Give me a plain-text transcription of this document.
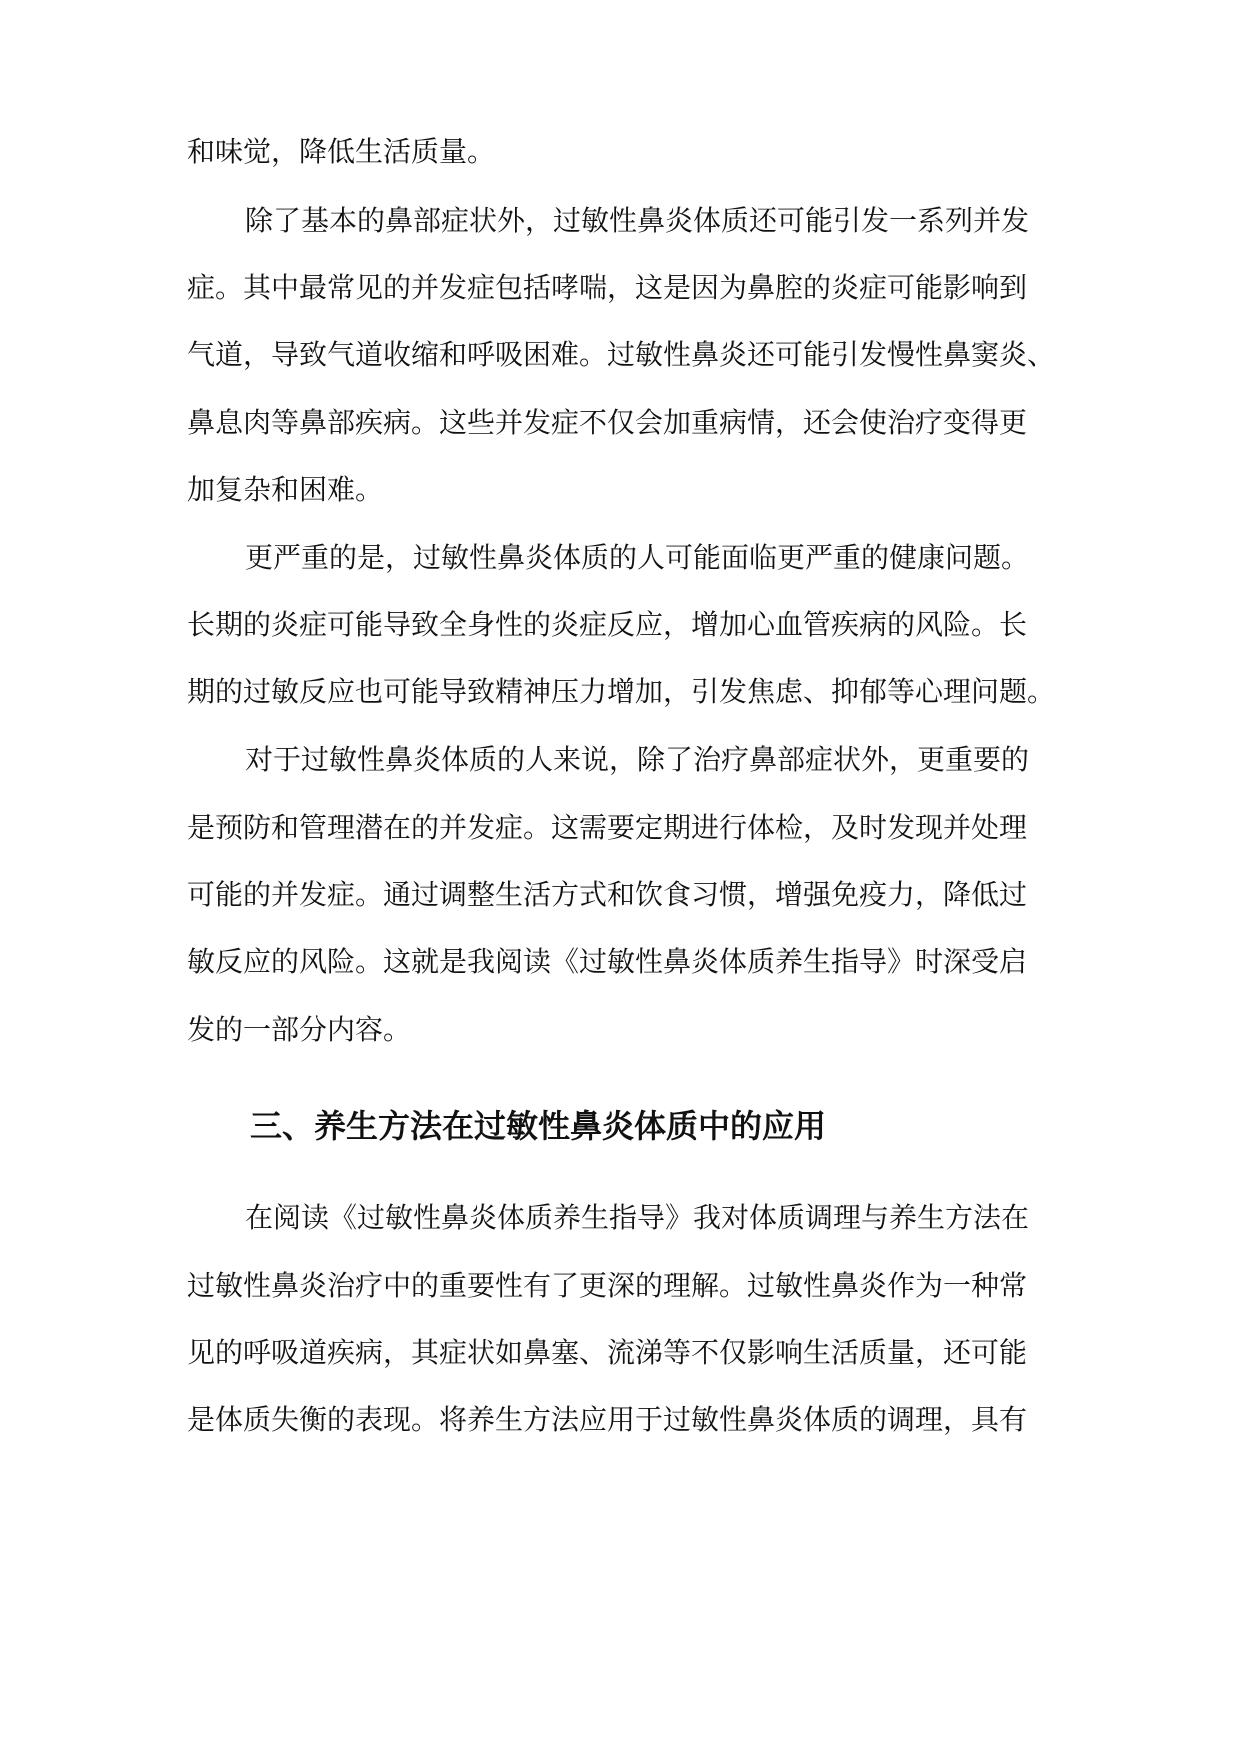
和味觉，降低生活质量。
除了基本的鼻部症状外，过敏性鼻炎体质还可能引发一系列并发
症。其中最常见的并发症包括哮喘，这是因为鼻腔的炎症可能影响到
气道，导致气道收缩和呼吸困难。过敏性鼻炎还可能引发慢性鼻窦炎、
鼻息肉等鼻部疾病。这些并发症不仅会加重病情，还会使治疗变得更
加复杂和困难。
更严重的是，过敏性鼻炎体质的人可能面临更严重的健康问题。
长期的炎症可能导致全身性的炎症反应，增加心血管疾病的风险。长
期的过敏反应也可能导致精神压力增加，引发焦虑、抑郁等心理问题。
对于过敏性鼻炎体质的人来说，除了治疗鼻部症状外，更重要的
是预防和管理潜在的并发症。这需要定期进行体检，及时发现并处理
可能的并发症。通过调整生活方式和饮食习惯，增强免疫力，降低过
敏反应的风险。这就是我阅读《过敏性鼻炎体质养生指导》时深受启
发的一部分内容。
三、养生方法在过敏性鼻炎体质中的应用
在阅读《过敏性鼻炎体质养生指导》我对体质调理与养生方法在
过敏性鼻炎治疗中的重要性有了更深的理解。过敏性鼻炎作为一种常
见的呼吸道疾病，其症状如鼻塞、流涕等不仅影响生活质量，还可能
是体质失衡的表现。将养生方法应用于过敏性鼻炎体质的调理，具有
